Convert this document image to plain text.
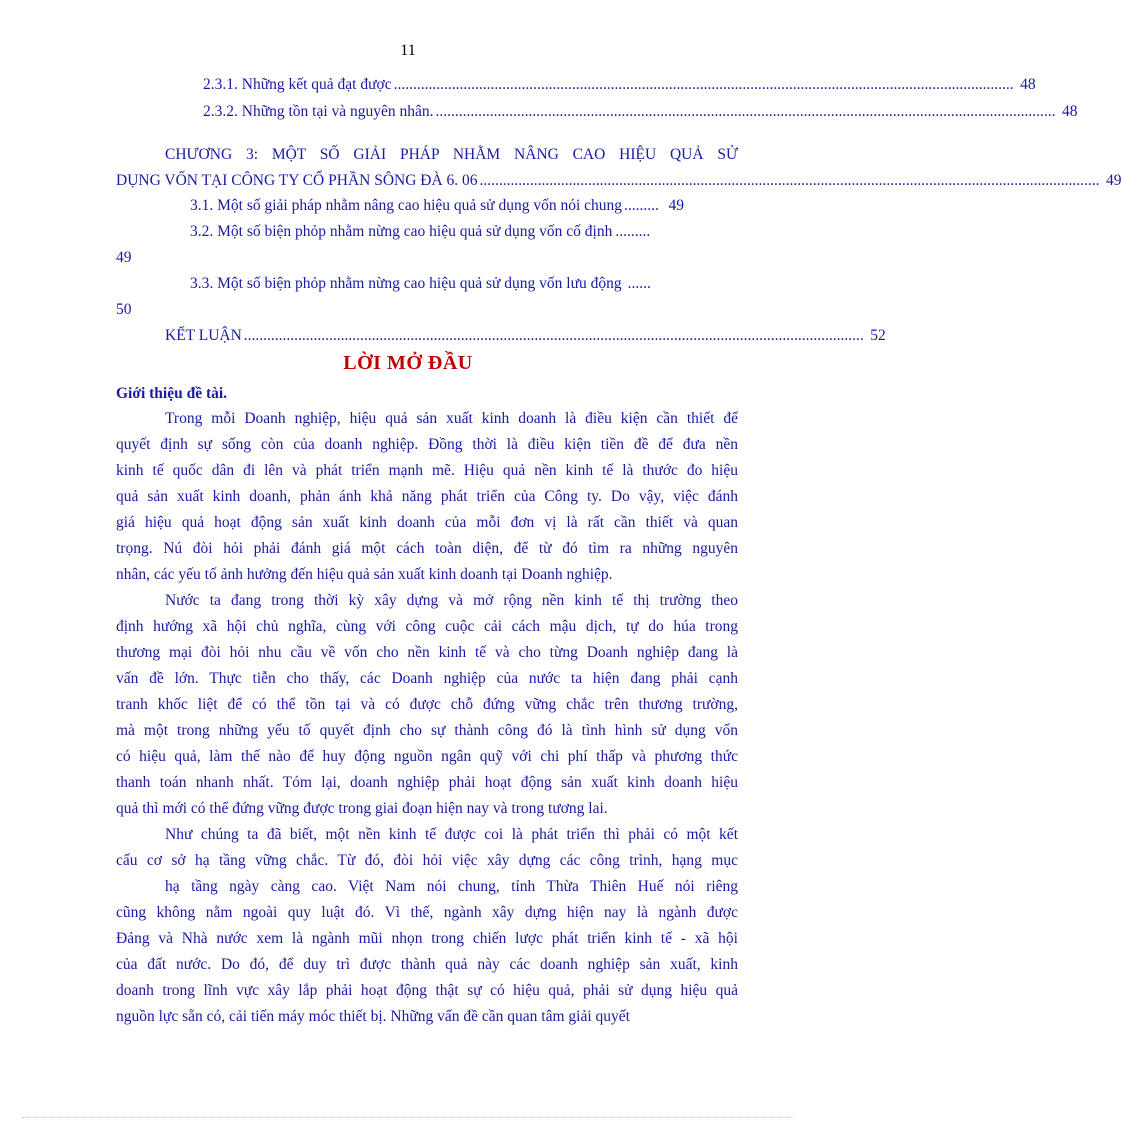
11
2.3.1. Những kết quả đạt được ................................................................................................................................................................ 48
2.3.2. Những tồn tại và nguyên nhân. ................................................................................................................................................................ 48
CHƯƠNG 3: MỘT SỐ GIẢI PHÁP NHẰM NÂNG CAO HIỆU QUẢ SỬ
DỤNG VỐN TẠI CÔNG TY CỔ PHẦN SÔNG ĐÀ 6. 06 ................................................................................................................................................................ 49
3.1. Một số giải pháp nhằm nâng cao hiệu quả sử dụng vốn nói chung ......... 49
3.2. Một số biện phỏp nhằm nừng cao hiệu quả sử dụng vốn cố định .........
49
3.3. Một số biện phỏp nhằm nừng cao hiệu quả sử dụng vốn lưu động ......
50
KẾT LUẬN ................................................................................................................................................................ 52
LỜI MỞ ĐẦU
Giới thiệu đề tài.
Trong mỗi Doanh nghiệp, hiệu quả sản xuất kinh doanh là điều kiện cần thiết để
quyết định sự sống còn của doanh nghiệp. Đồng thời là điều kiện tiền đề để đưa nền
kinh tế quốc dân đi lên và phát triển mạnh mẽ. Hiệu quả nền kinh tế là thước đo hiệu
quả sản xuất kinh doanh, phản ánh khả năng phát triển của Công ty. Do vậy, việc đánh
giá hiệu quả hoạt động sản xuất kinh doanh của mỗi đơn vị là rất cần thiết và quan
trọng. Nú đòi hỏi phải đánh giá một cách toàn diện, để từ đó tìm ra những nguyên
nhân, các yếu tố ảnh hưởng đến hiệu quả sản xuất kinh doanh tại Doanh nghiệp.
Nước ta đang trong thời kỳ xây dựng và mở rộng nền kinh tế thị trường theo
định hướng xã hội chủ nghĩa, cùng với công cuộc cải cách mậu dịch, tự do húa trong
thương mại đòi hỏi nhu cầu về vốn cho nền kinh tế và cho từng Doanh nghiệp đang là
vấn đề lớn. Thực tiễn cho thấy, các Doanh nghiệp của nước ta hiện đang phải cạnh
tranh khốc liệt để có thể tồn tại và có được chỗ đứng vững chắc trên thương trường,
mà một trong những yếu tố quyết định cho sự thành công đó là tình hình sử dụng vốn
có hiệu quả, làm thế nào để huy động nguồn ngân quỹ với chi phí thấp và phương thức
thanh toán nhanh nhất. Tóm lại, doanh nghiệp phải hoạt động sản xuất kinh doanh hiệu
quả thì mới có thể đứng vững được trong giai đoạn hiện nay và trong tương lai.
Như chúng ta đã biết, một nền kinh tế được coi là phát triển thì phải có một kết
cấu cơ sở hạ tầng vững chắc. Từ đó, đòi hỏi việc xây dựng các công trình, hạng mục
hạ tầng ngày càng cao. Việt Nam nói chung, tỉnh Thừa Thiên Huế nói riêng
cũng không nằm ngoài quy luật đó. Vì thế, ngành xây dựng hiện nay là ngành được
Đảng và Nhà nước xem là ngành mũi nhọn trong chiến lược phát triển kinh tế - xã hội
của đất nước. Do đó, để duy trì được thành quả này các doanh nghiệp sản xuất, kinh
doanh trong lĩnh vực xây lắp phải hoạt động thật sự có hiệu quả, phải sử dụng hiệu quả
nguồn lực sẵn có, cải tiến máy móc thiết bị. Những vấn đề cần quan tâm giải quyết
